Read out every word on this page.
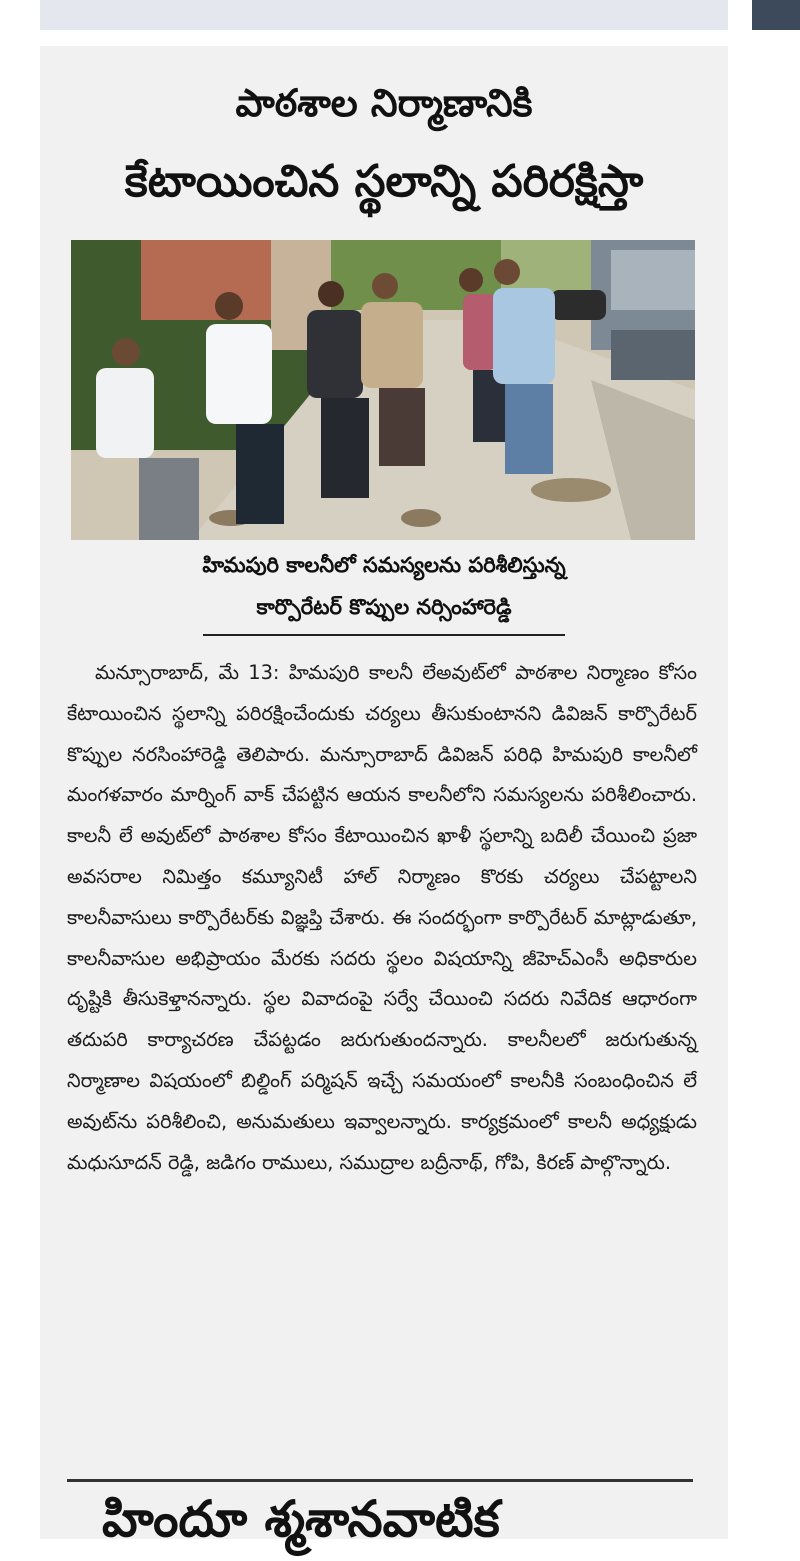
పాఠశాల నిర్మాణానికి
కేటాయించిన స్థలాన్ని పరిరక్షిస్తా
హిమపురి కాలనీలో సమస్యలను పరిశీలిస్తున్న
కార్పొరేటర్ కొప్పుల నర్సింహారెడ్డి

మన్సూరాబాద్, మే 13: హిమపురి కాలనీ లేఅవుట్‌లో పాఠశాల నిర్మాణం కోసం కేటాయించిన స్థలాన్ని పరిరక్షించేందుకు చర్యలు తీసుకుంటానని డివిజన్ కార్పొరేటర్ కొప్పుల నరసింహారెడ్డి తెలిపారు. మన్సూరాబాద్ డివిజన్ పరిధి హిమపురి కాలనీలో మంగళవారం మార్నింగ్ వాక్ చేపట్టిన ఆయన కాలనీలోని సమస్యలను పరిశీలించారు. కాలనీ లే అవుట్‌లో పాఠశాల కోసం కేటాయించిన ఖాళీ స్థలాన్ని బదిలీ చేయించి ప్రజా అవసరాల నిమిత్తం కమ్యూనిటీ హాల్ నిర్మాణం కొరకు చర్యలు చేపట్టాలని కాలనీవాసులు కార్పొరేటర్‌కు విజ్ఞప్తి చేశారు. ఈ సందర్భంగా కార్పొరేటర్ మాట్లాడుతూ, కాలనీవాసుల అభిప్రాయం మేరకు సదరు స్థలం విషయాన్ని జీహెచ్ఎంసీ అధికారుల దృష్టికి తీసుకెళ్తానన్నారు. స్థల వివాదంపై సర్వే చేయించి సదరు నివేదిక ఆధారంగా తదుపరి కార్యాచరణ చేపట్టడం జరుగుతుందన్నారు. కాలనీలలో జరుగుతున్న నిర్మాణాల విషయంలో బిల్డింగ్ పర్మిషన్ ఇచ్చే సమయంలో కాలనీకి సంబంధించిన లే అవుట్‌ను పరిశీలించి, అనుమతులు ఇవ్వాలన్నారు. కార్యక్రమంలో కాలనీ అధ్యక్షుడు మధుసూదన్ రెడ్డి, జడిగం రాములు, సముద్రాల బద్రీనాథ్, గోపి, కిరణ్ పాల్గొన్నారు.

హిందూ శ్మశానవాటిక
